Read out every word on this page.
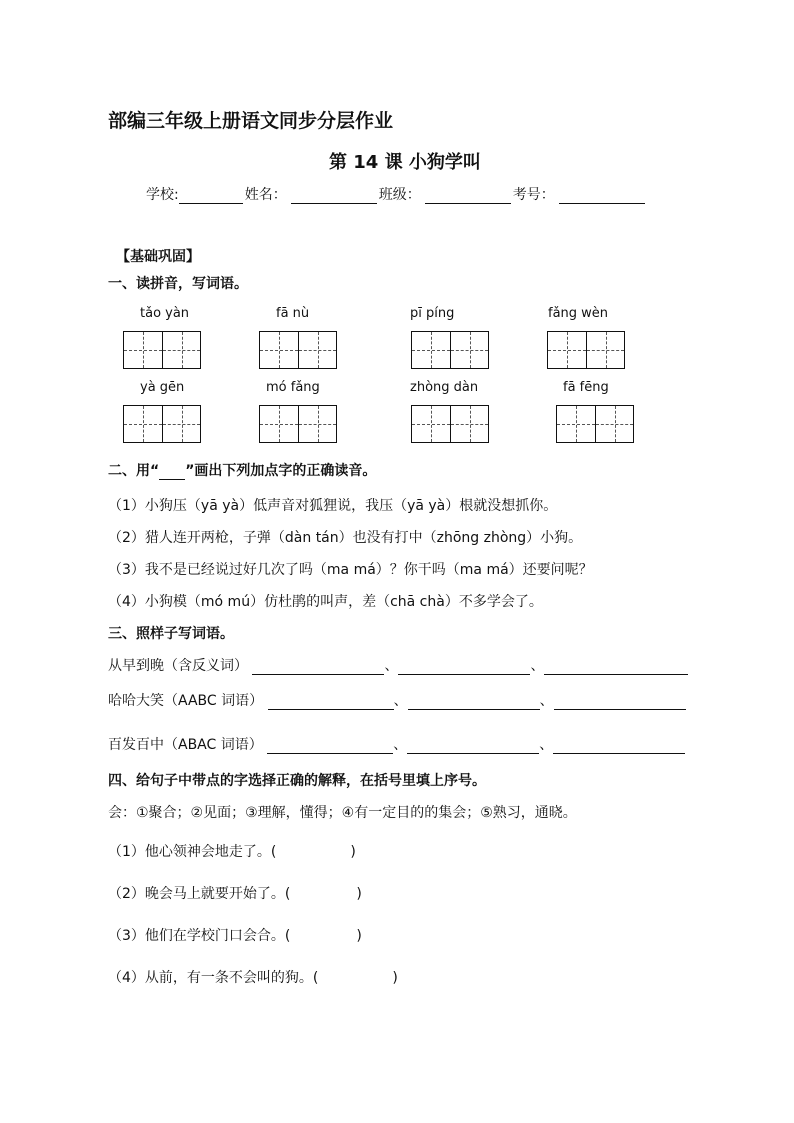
部编三年级上册语文同步分层作业
第 14 课 小狗学叫
学校:	姓名：	班级：	考号：
【基础巩固】
一、读拼音，写词语。
tǎo yàn	fā nù	pī píng	fǎng wèn
yà gēn	mó fǎng	zhòng dàn	fā fēng
二、用“ ”画出下列加点字的正确读音。
（1）小狗压（yā yà）低声音对狐狸说，我压（yā yà）根就没想抓你。
（2）猎人连开两枪，子弹（dàn tán）也没有打中（zhōng zhòng）小狗。
（3）我不是已经说过好几次了吗（ma má）？你干吗（ma má）还要问呢？
（4）小狗模（mó mú）仿杜鹃的叫声，差（chā chà）不多学会了。
三、照样子写词语。
从早到晚（含反义词）	、	、
哈哈大笑（AABC 词语）	、	、
百发百中（ABAC 词语）	、	、
四、给句子中带点的字选择正确的解释，在括号里填上序号。
会：①聚合；②见面；③理解，懂得；④有一定目的的集会；⑤熟习，通晓。
（1）他心领神会地走了。(	)
（2）晚会马上就要开始了。(	)
（3）他们在学校门口会合。(	)
（4）从前，有一条不会叫的狗。(	)
